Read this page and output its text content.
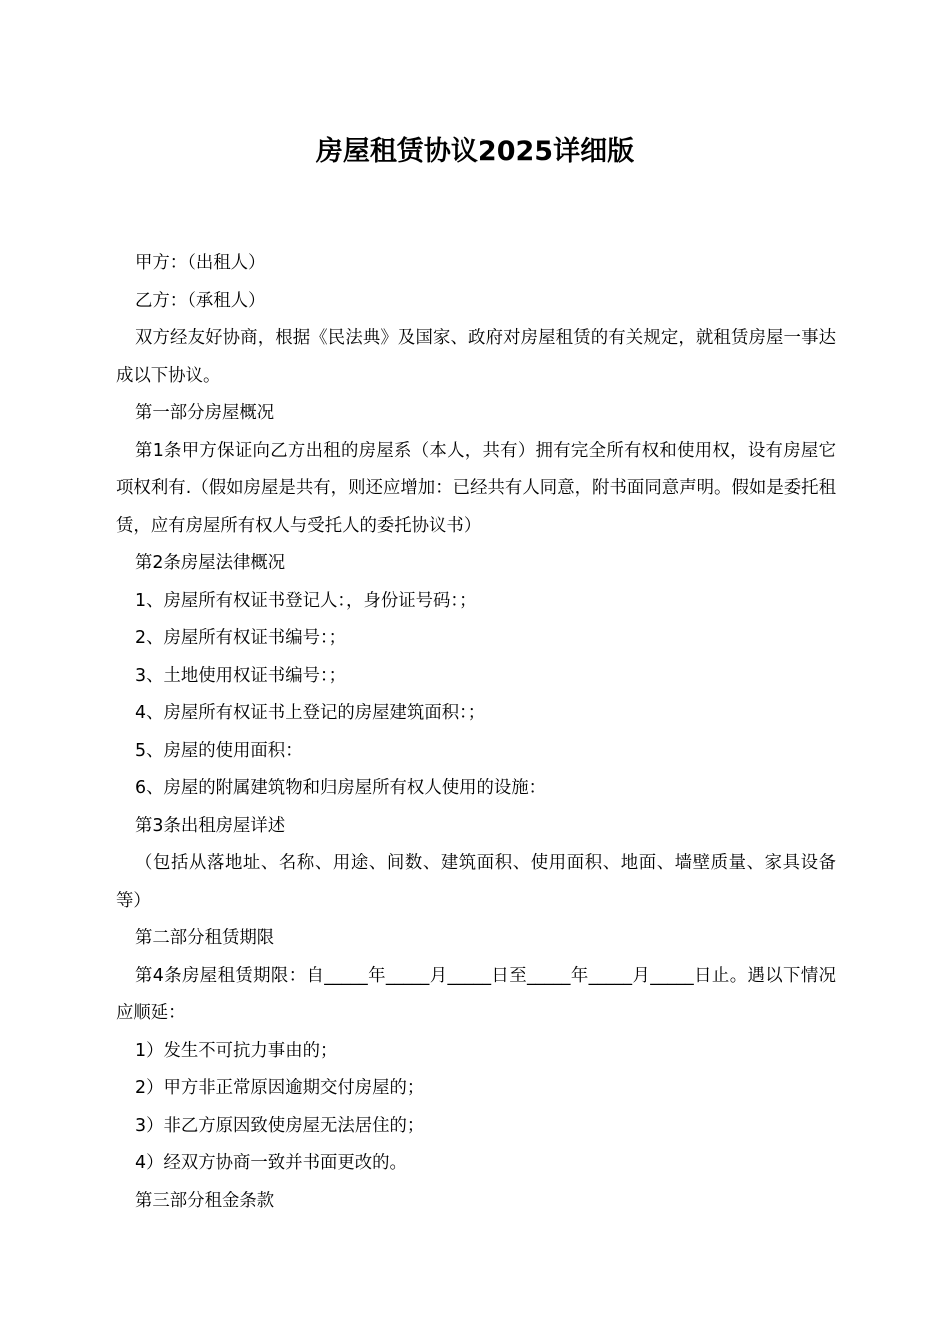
房屋租赁协议2025详细版

甲方：（出租人）

乙方：（承租人）

双方经友好协商，根据《民法典》及国家、政府对房屋租赁的有关规定，就租赁房屋一事达成以下协议。

第一部分房屋概况

第1条甲方保证向乙方出租的房屋系（本人，共有）拥有完全所有权和使用权，设有房屋它项权利有.（假如房屋是共有，则还应增加：已经共有人同意，附书面同意声明。假如是委托租赁，应有房屋所有权人与受托人的委托协议书）

第2条房屋法律概况

1、房屋所有权证书登记人：，身份证号码：；

2、房屋所有权证书编号：；

3、土地使用权证书编号：；

4、房屋所有权证书上登记的房屋建筑面积：；

5、房屋的使用面积：

6、房屋的附属建筑物和归房屋所有权人使用的设施：

第3条出租房屋详述

（包括从落地址、名称、用途、间数、建筑面积、使用面积、地面、墙壁质量、家具设备等）

第二部分租赁期限

第4条房屋租赁期限：自_____年_____月_____日至_____年_____月_____日止。遇以下情况应顺延：

1）发生不可抗力事由的；

2）甲方非正常原因逾期交付房屋的；

3）非乙方原因致使房屋无法居住的；

4）经双方协商一致并书面更改的。

第三部分租金条款
